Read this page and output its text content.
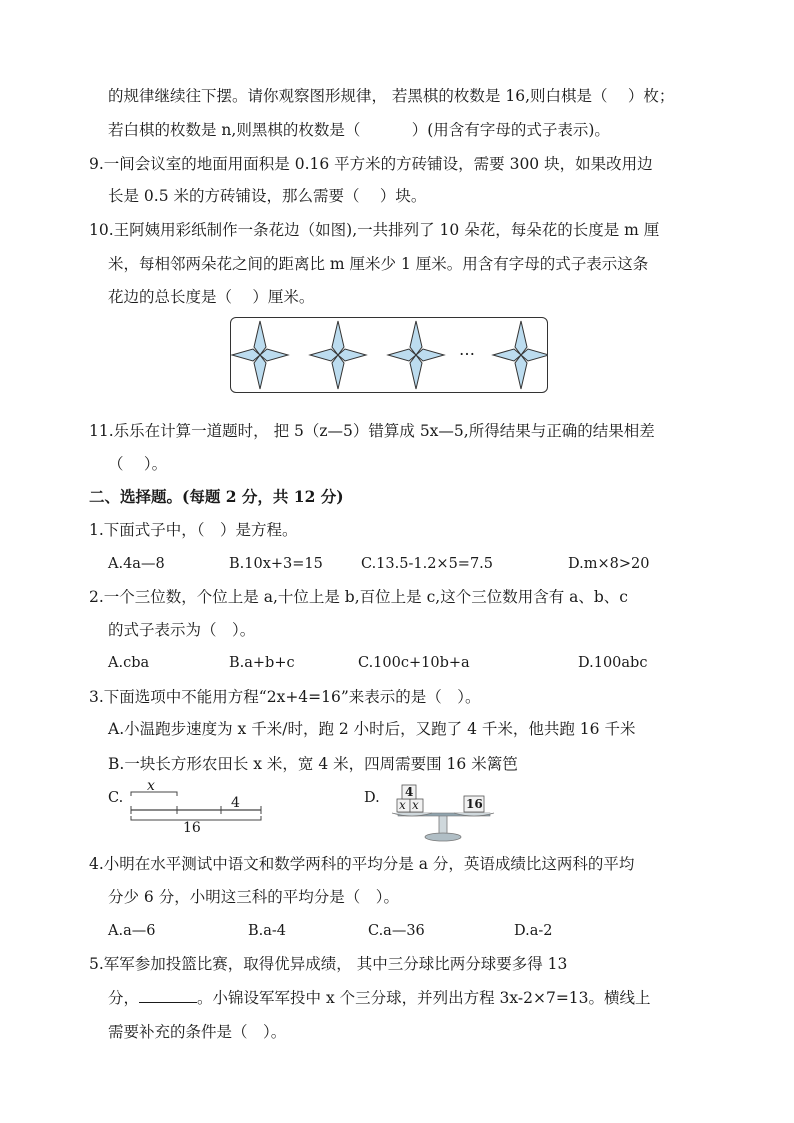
的规律继续往下摆。请你观察图形规律， 若黑棋的枚数是 16,则白棋是（　 ）枚；
若白棋的枚数是 n,则黑棋的枚数是（　　　 ）(用含有字母的式子表示)。
9.一间会议室的地面用面积是 0.16 平方米的方砖铺设，需要 300 块，如果改用边
长是 0.5 米的方砖铺设，那么需要（　 ）块。
10.王阿姨用彩纸制作一条花边（如图),一共排列了 10 朵花，每朵花的长度是 m 厘
米，每相邻两朵花之间的距离比 m 厘米少 1 厘米。用含有字母的式子表示这条
花边的总长度是（　 ）厘米。
…
11.乐乐在计算一道题时， 把 5（z—5）错算成 5x—5,所得结果与正确的结果相差
（　 ）。
二、选择题。(每题 2 分，共 12 分)
1.下面式子中，（　）是方程。
A.4a—8	B.10x+3=15	C.13.5-1.2×5=7.5	D.m×8>20
2.一个三位数，个位上是 a,十位上是 b,百位上是 c,这个三位数用含有 a、b、c
的式子表示为（　）。
A.cba	B.a+b+c	C.100c+10b+a	D.100abc
3.下面选项中不能用方程“2x+4=16”来表示的是（　）。
A.小温跑步速度为 x 千米/时，跑 2 小时后，又跑了 4 千米，他共跑 16 千米
B.一块长方形农田长 x 米，宽 4 米，四周需要围 16 米篱笆
C.	D.
x
4
16
4
x x	16
4.小明在水平测试中语文和数学两科的平均分是 a 分，英语成绩比这两科的平均
分少 6 分，小明这三科的平均分是（　）。
A.a—6	B.a-4	C.a—36	D.a-2
5.军军参加投篮比赛，取得优异成绩， 其中三分球比两分球要多得 13
分，	。小锦设军军投中 x 个三分球，并列出方程 3x-2×7=13。横线上
需要补充的条件是（　）。
